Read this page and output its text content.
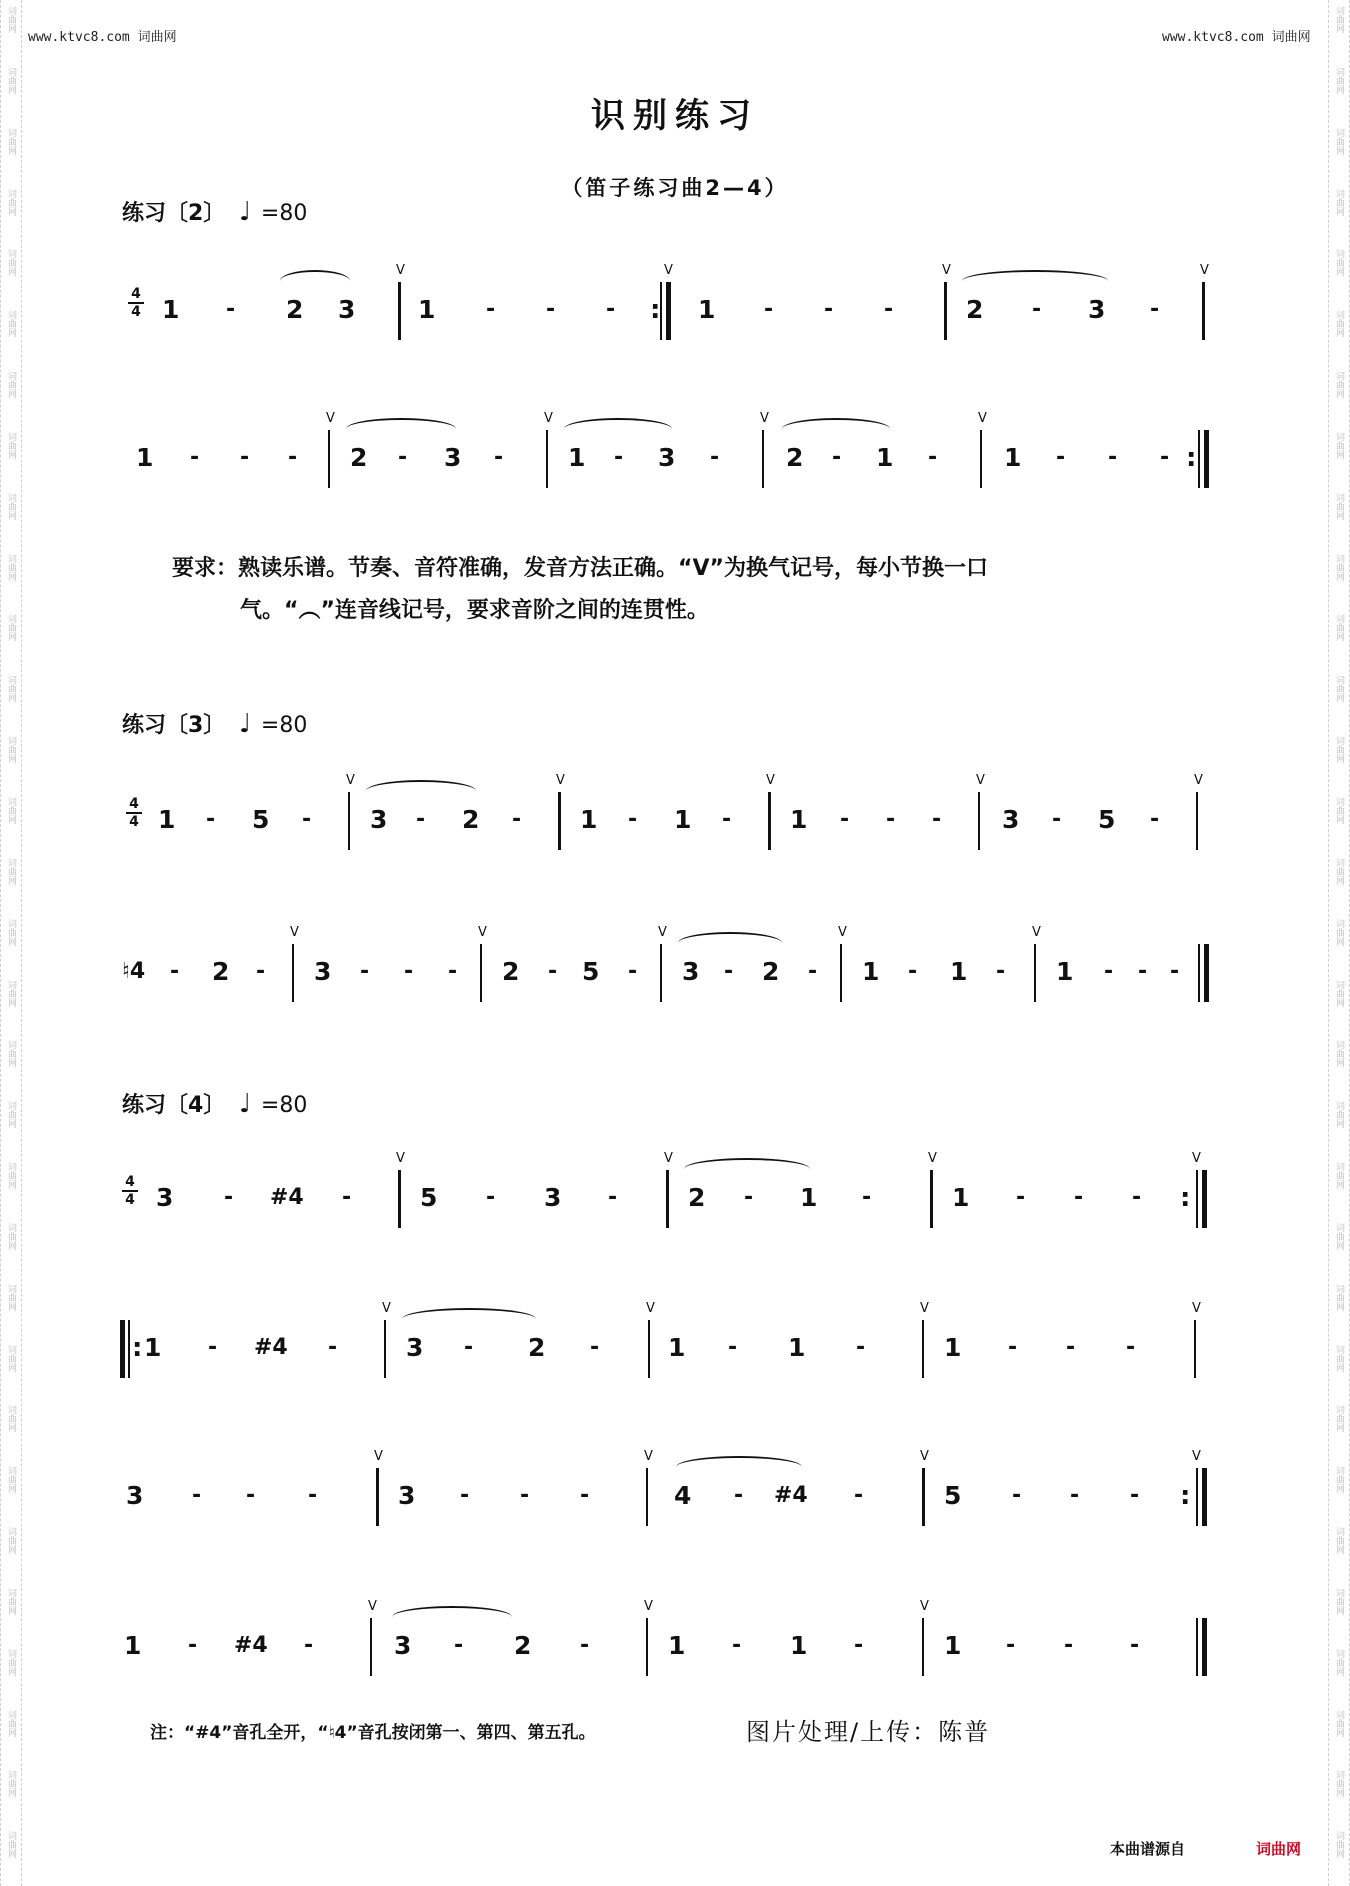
词曲网
词曲网
词曲网
词曲网
词曲网
词曲网
词曲网
词曲网
词曲网
词曲网
词曲网
词曲网
词曲网
词曲网
词曲网
词曲网
词曲网
词曲网
词曲网
词曲网
词曲网
词曲网
词曲网
词曲网
词曲网
词曲网
词曲网
词曲网
词曲网
词曲网
词曲网
词曲网
词曲网
词曲网
词曲网
词曲网
词曲网
词曲网
词曲网
词曲网
词曲网
词曲网
词曲网
词曲网
词曲网
词曲网
词曲网
词曲网
词曲网
词曲网
词曲网
词曲网
词曲网
词曲网
词曲网
词曲网
词曲网
词曲网
词曲网
词曲网
词曲网
词曲网
www.ktvc8.com 词曲网	www.ktvc8.com 词曲网
识别练习
（笛子练习曲2—4）
练习〔2〕 ♩ =80
4
4 1 - 2 3
V
1 - - -
V
: 1 - - -
V
2 - 3 -
V
1 - - -
V
2 - 3 -
V
1 - 3 -
V
2 - 1 -
V
1 - - - :
要求：熟读乐谱。节奏、音符准确，发音方法正确。“V”为换气记号，每小节换一口
气。“︵”连音线记号，要求音阶之间的连贯性。
练习〔3〕 ♩ =80
4
4 1 - 5 -
V
3 - 2 -
V
1 - 1 -
V
1 - - -
V
3 - 5 -
V
♮4 - 2 -
V
3 - - -
V
2 - 5 -
V
3 - 2 -
V
1 - 1 -
V
1 - - -
练习〔4〕 ♩ =80
4
4 3 - #4 -
V
5 - 3 -
V
2 - 1 -
V
1 - - -
V
:
: 1 - #4 -
V
3 - 2 -
V
1 - 1 -
V
1 - - -
V
3 - - -
V
3 - - -
V
4 - #4 -
V
5 - - -
V
:
1 - #4 -
V
3 - 2 -
V
1 - 1 -
V
1 - -	-
注：“#4”音孔全开，“♮4”音孔按闭第一、第四、第五孔。	图片处理/上传：陈普
本曲谱源自	词曲网
